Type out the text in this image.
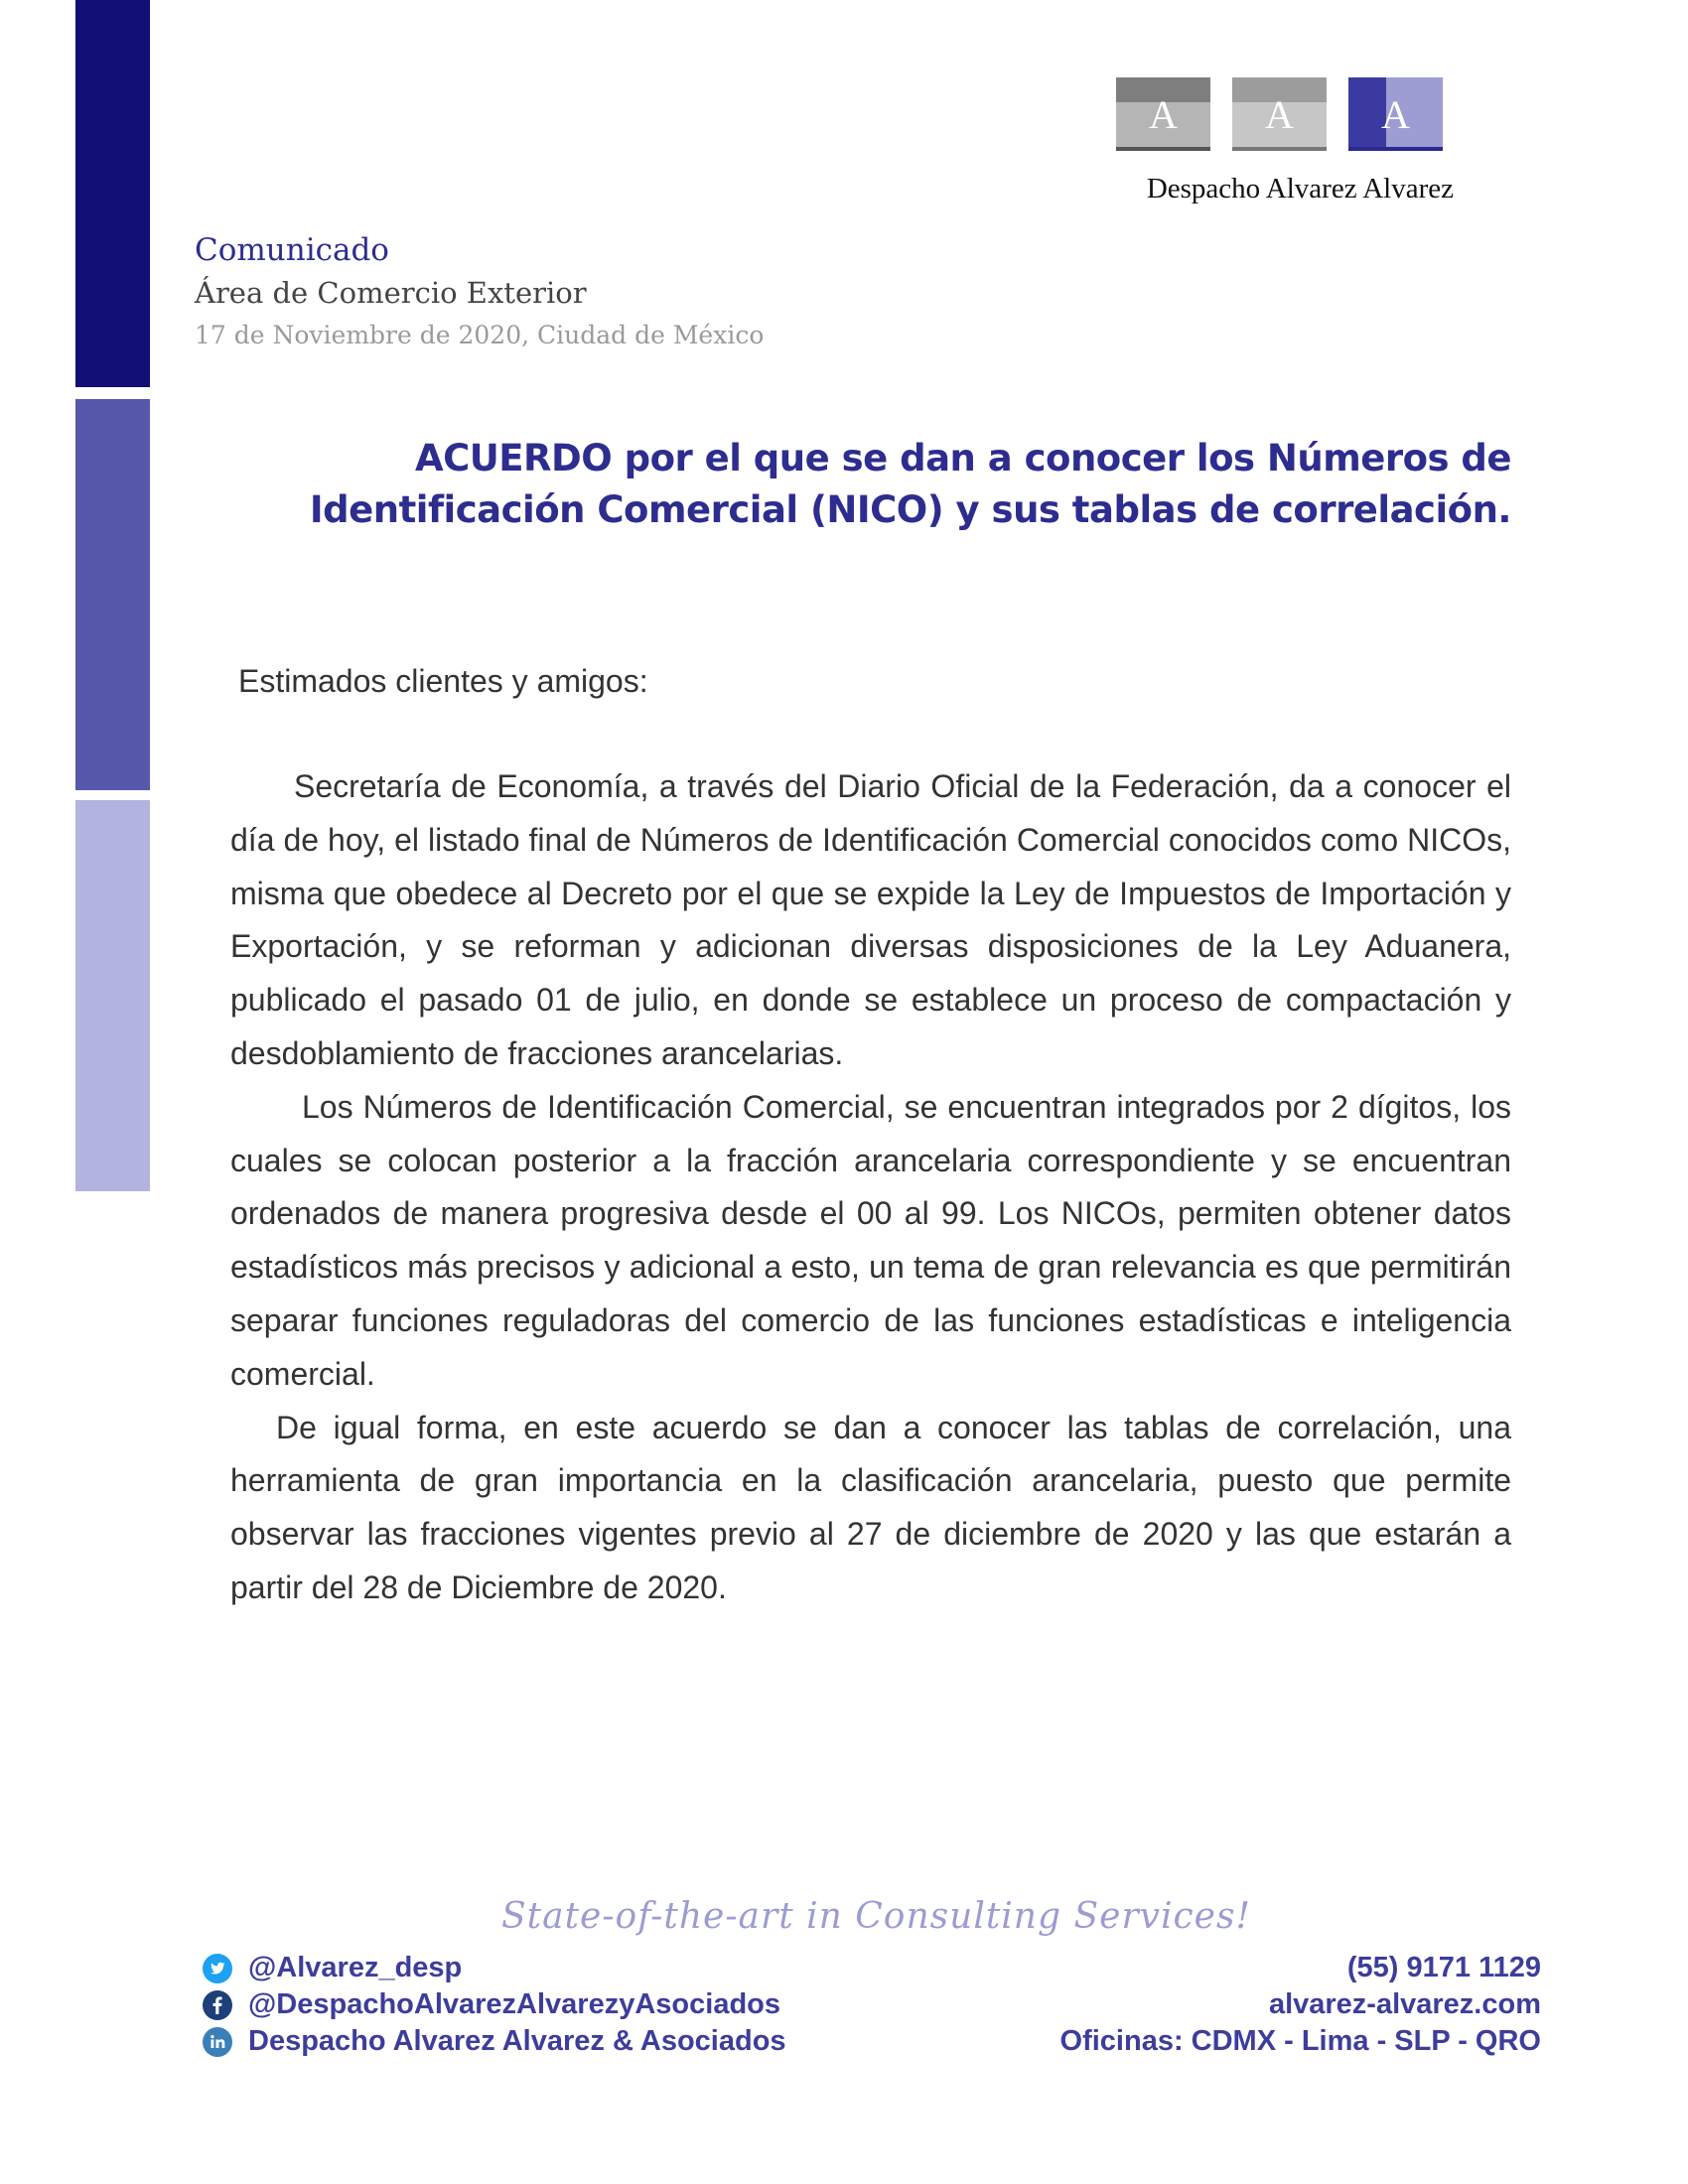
A	A	A
Despacho Alvarez Alvarez
Comunicado
Área de Comercio Exterior
17 de Noviembre de 2020, Ciudad de México
ACUERDO por el que se dan a conocer los Números de Identificación Comercial (NICO) y sus tablas de correlación.
Estimados clientes y amigos:

Secretaría de Economía, a través del Diario Oficial de la Federación, da a conocer el día de hoy, el listado final de Números de Identificación Comercial conocidos como NICOs, misma que obedece al Decreto por el que se expide la Ley de Impuestos de Importación y Exportación, y se reforman y adicionan diversas disposiciones de la Ley Aduanera, publicado el pasado 01 de julio, en donde se establece un proceso de compactación y desdoblamiento de fracciones arancelarias.

Los Números de Identificación Comercial, se encuentran integrados por 2 dígitos, los cuales se colocan posterior a la fracción arancelaria correspondiente y se encuentran ordenados de manera progresiva desde el 00 al 99. Los NICOs, permiten obtener datos estadísticos más precisos y adicional a esto, un tema de gran relevancia es que permitirán separar funciones reguladoras del comercio de las funciones estadísticas e inteligencia comercial.

De igual forma, en este acuerdo se dan a conocer las tablas de correlación, una herramienta de gran importancia en la clasificación arancelaria, puesto que permite observar las fracciones vigentes previo al 27 de diciembre de 2020 y las que estarán a partir del 28 de Diciembre de 2020.

State-of-the-art in Consulting Services!
@Alvarez_desp
@DespachoAlvarezAlvarezyAsociados
Despacho Alvarez Alvarez & Asociados
(55) 9171 1129
alvarez-alvarez.com
Oficinas: CDMX - Lima - SLP - QRO
